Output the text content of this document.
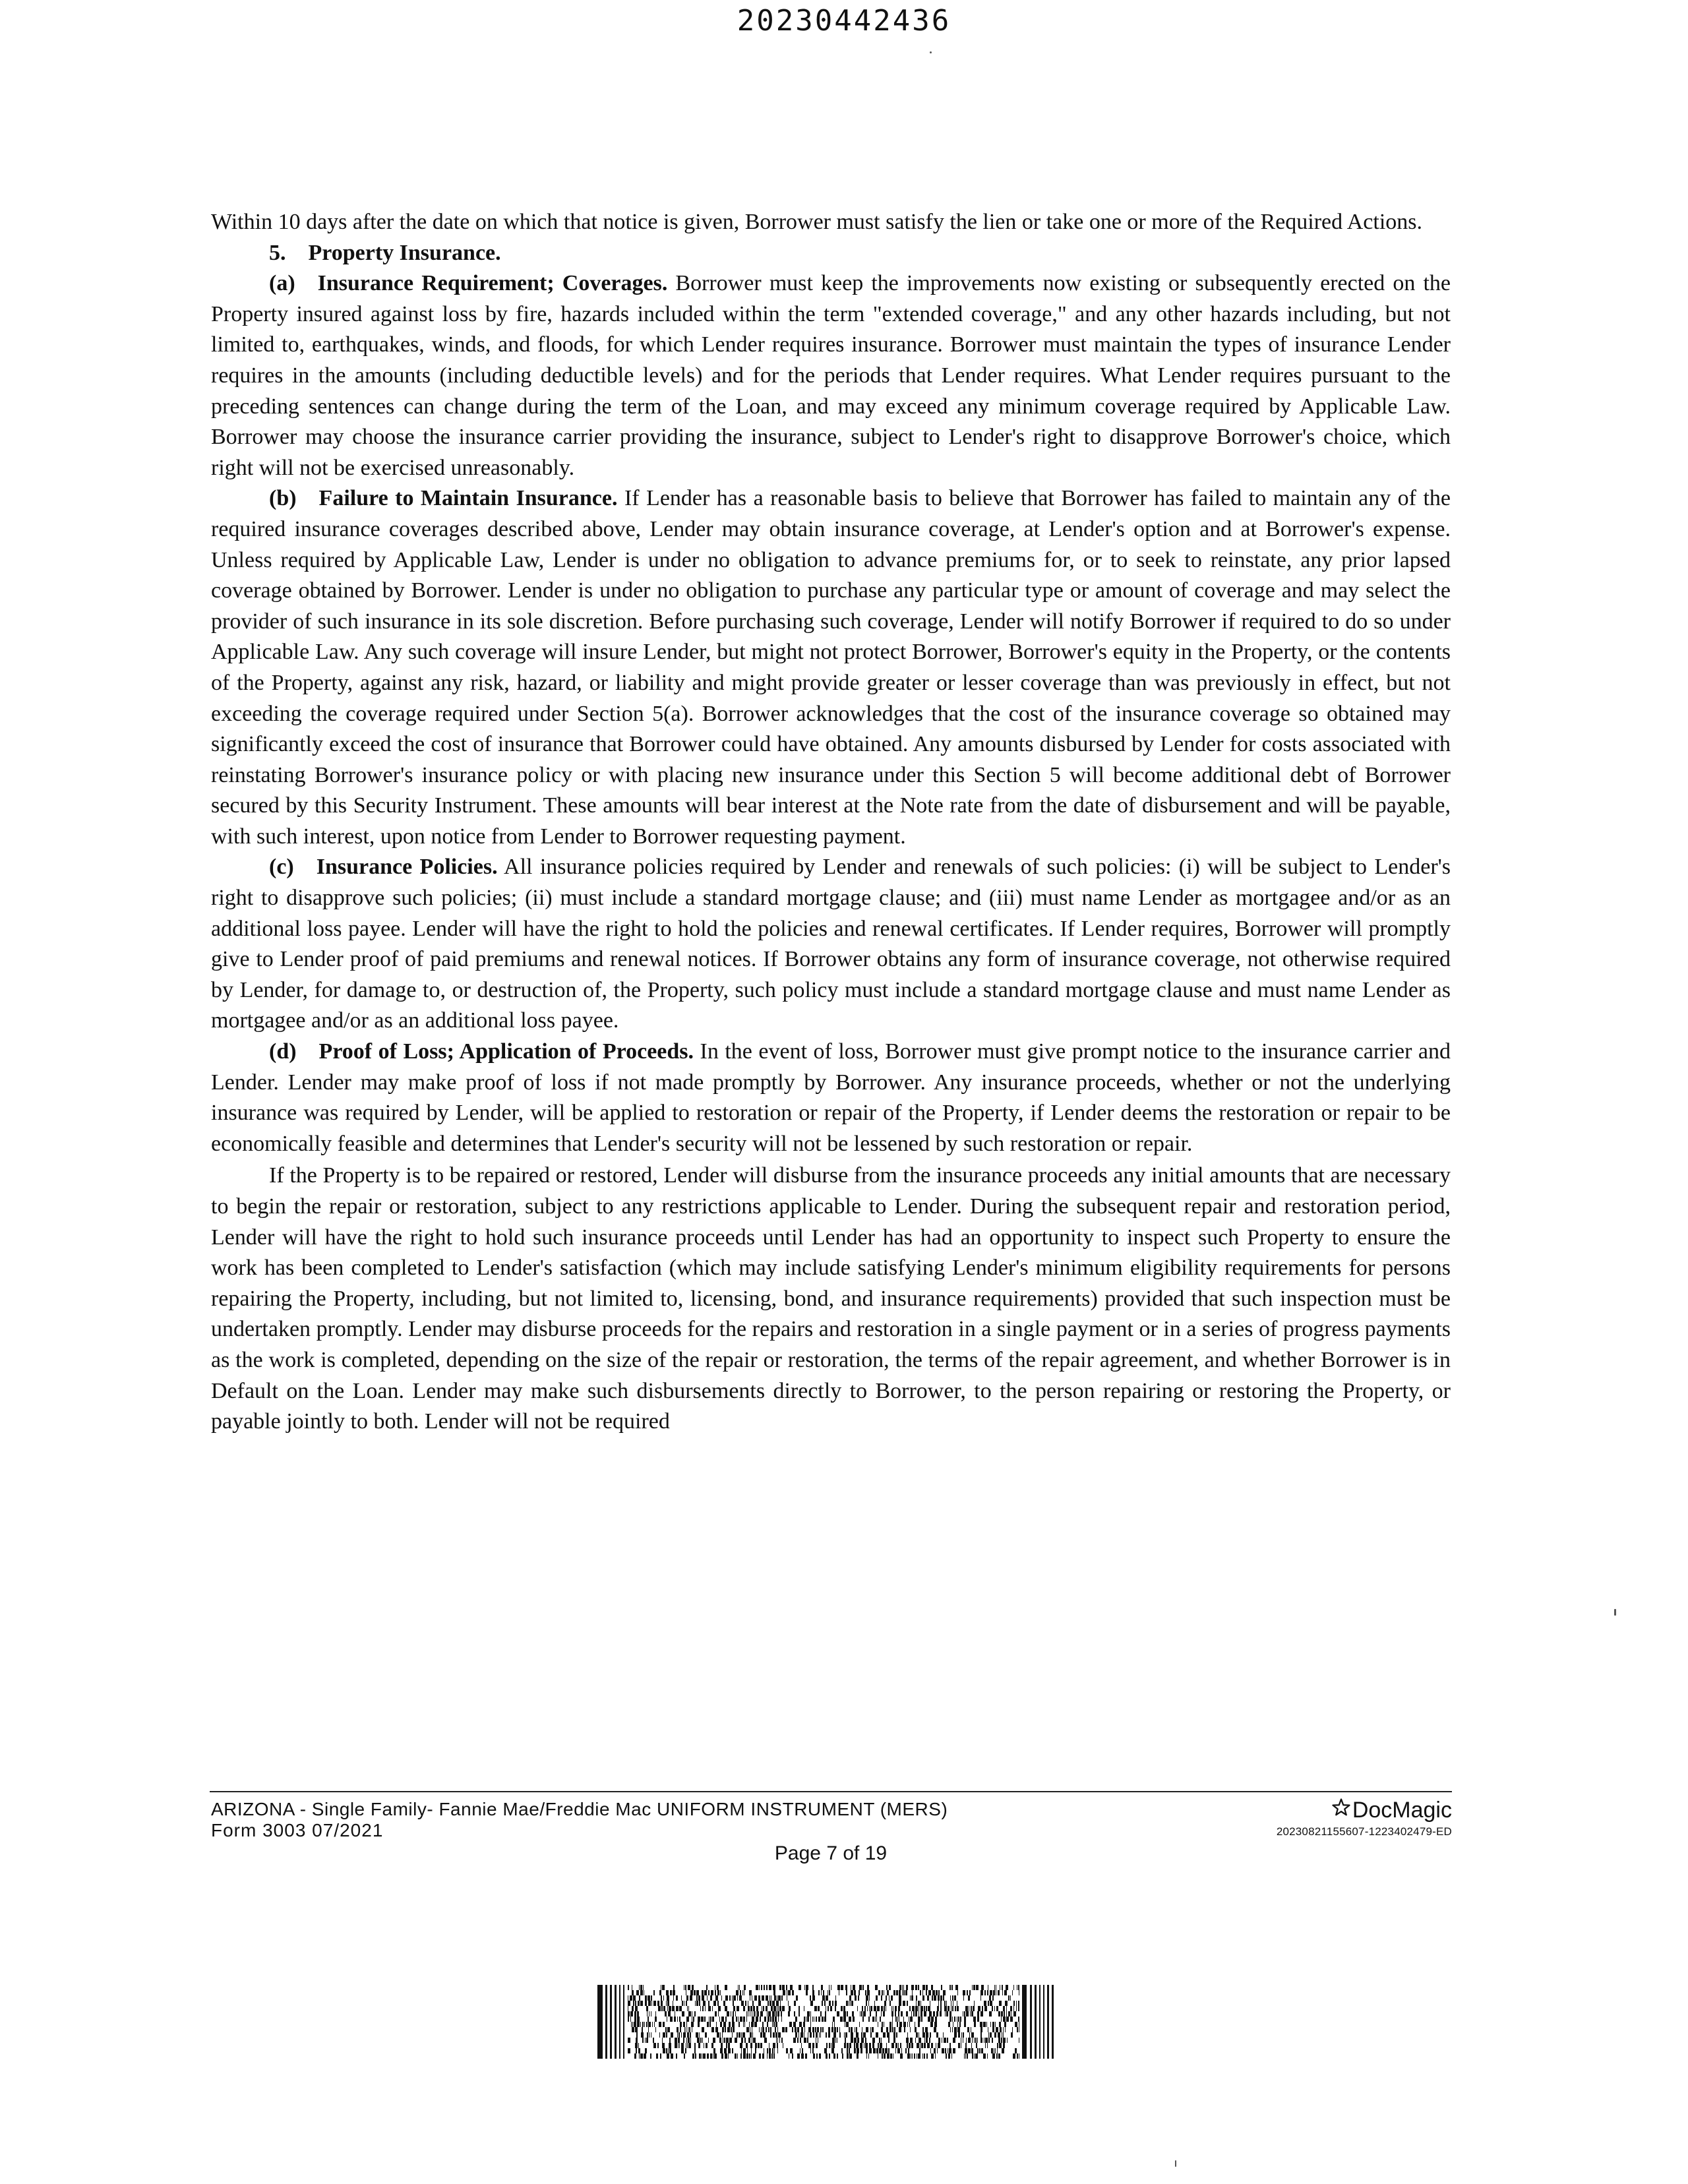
20230442436

Within 10 days after the date on which that notice is given, Borrower must satisfy the lien or take one or more of the Required Actions.

5. Property Insurance.

(a) Insurance Requirement; Coverages. Borrower must keep the improvements now existing or subsequently erected on the Property insured against loss by fire, hazards included within the term "extended coverage," and any other hazards including, but not limited to, earthquakes, winds, and floods, for which Lender requires insurance. Borrower must maintain the types of insurance Lender requires in the amounts (including deductible levels) and for the periods that Lender requires. What Lender requires pursuant to the preceding sentences can change during the term of the Loan, and may exceed any minimum coverage required by Applicable Law. Borrower may choose the insurance carrier providing the insurance, subject to Lender's right to disapprove Borrower's choice, which right will not be exercised unreasonably.

(b) Failure to Maintain Insurance. If Lender has a reasonable basis to believe that Borrower has failed to maintain any of the required insurance coverages described above, Lender may obtain insurance coverage, at Lender's option and at Borrower's expense. Unless required by Applicable Law, Lender is under no obligation to advance premiums for, or to seek to reinstate, any prior lapsed coverage obtained by Borrower. Lender is under no obligation to purchase any particular type or amount of coverage and may select the provider of such insurance in its sole discretion. Before purchasing such coverage, Lender will notify Borrower if required to do so under Applicable Law. Any such coverage will insure Lender, but might not protect Borrower, Borrower's equity in the Property, or the contents of the Property, against any risk, hazard, or liability and might provide greater or lesser coverage than was previously in effect, but not exceeding the coverage required under Section 5(a). Borrower acknowledges that the cost of the insurance coverage so obtained may significantly exceed the cost of insurance that Borrower could have obtained. Any amounts disbursed by Lender for costs associated with reinstating Borrower's insurance policy or with placing new insurance under this Section 5 will become additional debt of Borrower secured by this Security Instrument. These amounts will bear interest at the Note rate from the date of disbursement and will be payable, with such interest, upon notice from Lender to Borrower requesting payment.

(c) Insurance Policies. All insurance policies required by Lender and renewals of such policies: (i) will be subject to Lender's right to disapprove such policies; (ii) must include a standard mortgage clause; and (iii) must name Lender as mortgagee and/or as an additional loss payee. Lender will have the right to hold the policies and renewal certificates. If Lender requires, Borrower will promptly give to Lender proof of paid premiums and renewal notices. If Borrower obtains any form of insurance coverage, not otherwise required by Lender, for damage to, or destruction of, the Property, such policy must include a standard mortgage clause and must name Lender as mortgagee and/or as an additional loss payee.

(d) Proof of Loss; Application of Proceeds. In the event of loss, Borrower must give prompt notice to the insurance carrier and Lender. Lender may make proof of loss if not made promptly by Borrower. Any insurance proceeds, whether or not the underlying insurance was required by Lender, will be applied to restoration or repair of the Property, if Lender deems the restoration or repair to be economically feasible and determines that Lender's security will not be lessened by such restoration or repair.

If the Property is to be repaired or restored, Lender will disburse from the insurance proceeds any initial amounts that are necessary to begin the repair or restoration, subject to any restrictions applicable to Lender. During the subsequent repair and restoration period, Lender will have the right to hold such insurance proceeds until Lender has had an opportunity to inspect such Property to ensure the work has been completed to Lender's satisfaction (which may include satisfying Lender's minimum eligibility requirements for persons repairing the Property, including, but not limited to, licensing, bond, and insurance requirements) provided that such inspection must be undertaken promptly. Lender may disburse proceeds for the repairs and restoration in a single payment or in a series of progress payments as the work is completed, depending on the size of the repair or restoration, the terms of the repair agreement, and whether Borrower is in Default on the Loan. Lender may make such disbursements directly to Borrower, to the person repairing or restoring the Property, or payable jointly to both. Lender will not be required

ARIZONA - Single Family- Fannie Mae/Freddie Mac UNIFORM INSTRUMENT (MERS)
Form 3003 07/2021
Page 7 of 19
DocMagic
20230821155607-1223402479-ED
